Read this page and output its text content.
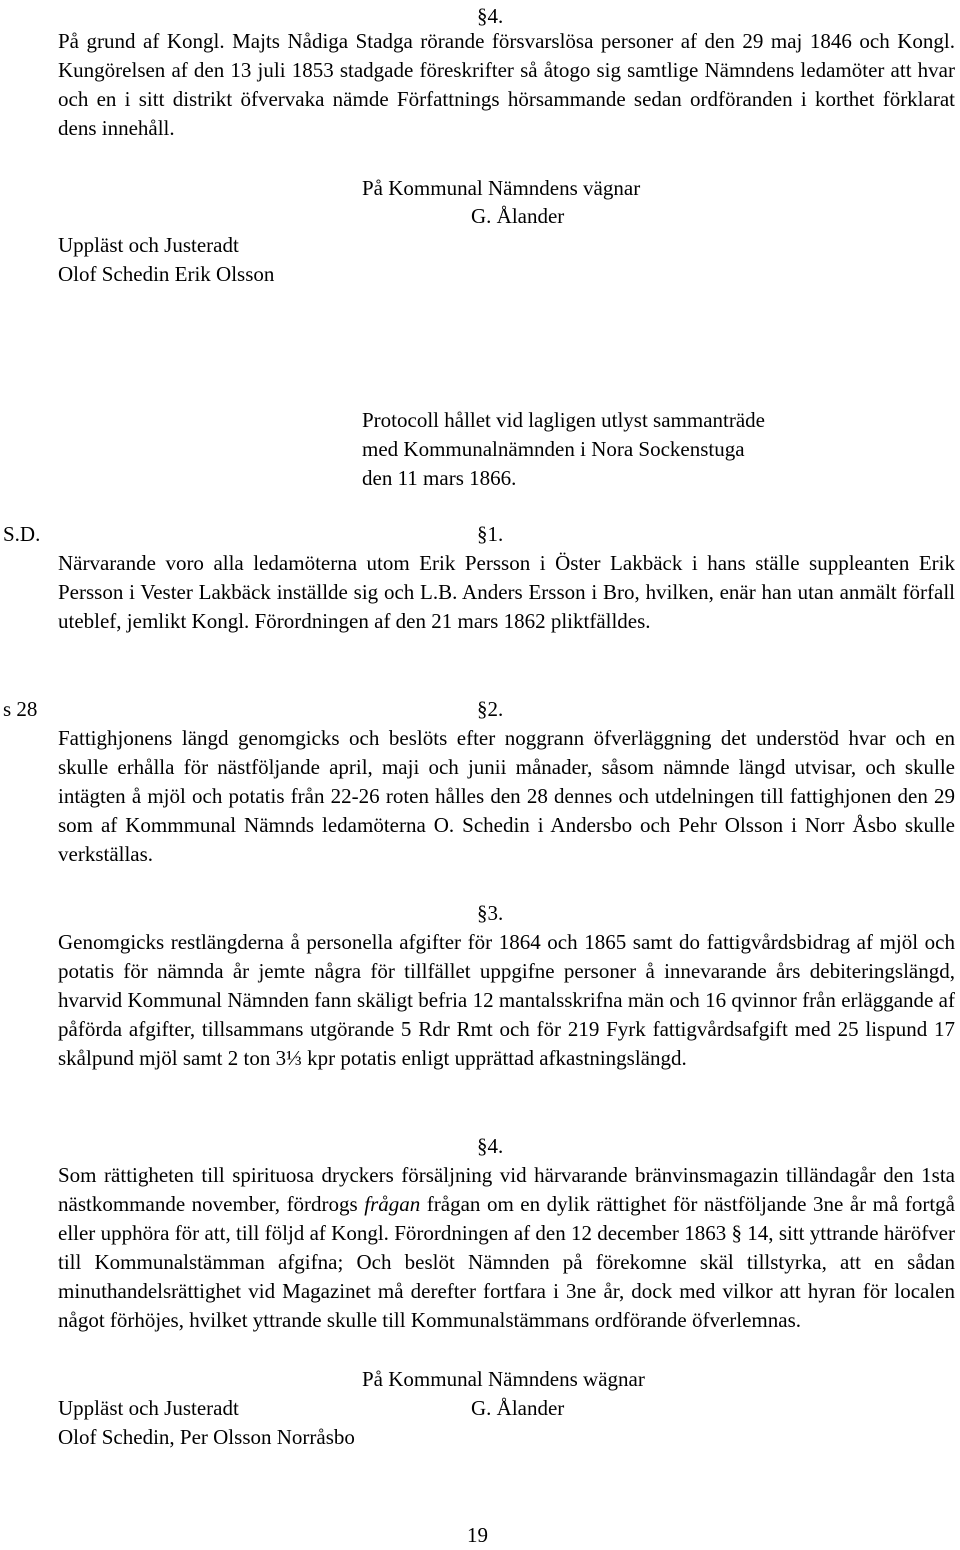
§4.

På grund af Kongl. Majts Nådiga Stadga rörande försvarslösa personer af den 29 maj 1846 och Kongl. Kungörelsen af den 13 juli 1853 stadgade föreskrifter så åtogo sig samtlige Nämndens ledamöter att hvar och en i sitt distrikt öfvervaka nämde Författnings hörsammande sedan ordföranden i korthet förklarat dens innehåll.

På Kommunal Nämndens vägnar
G. Ålander
Uppläst och Justeradt
Olof Schedin Erik Olsson
Protocoll hållet vid lagligen utlyst sammanträde
med Kommunalnämnden i Nora Sockenstuga
den 11 mars 1866.
S.D.	§1.

Närvarande voro alla ledamöterna utom Erik Persson i Öster Lakbäck i hans ställe suppleanten Erik Persson i Vester Lakbäck inställde sig och L.B. Anders Ersson i Bro, hvilken, enär han utan anmält förfall uteblef, jemlikt Kongl. Förordningen af den 21 mars 1862 pliktfälldes.

s 28	§2.

Fattighjonens längd genomgicks och beslöts efter noggrann öfverläggning det understöd hvar och en skulle erhålla för nästföljande april, maji och junii månader, såsom nämnde längd utvisar, och skulle intägten å mjöl och potatis från 22-26 roten hålles den 28 dennes och utdelningen till fattighjonen den 29 som af Kommmunal Nämnds ledamöterna O. Schedin i Andersbo och Pehr Olsson i Norr Åsbo skulle verkställas.

§3.

Genomgicks restlängderna å personella afgifter för 1864 och 1865 samt do fattigvårdsbidrag af mjöl och potatis för nämnda år jemte några för tillfället uppgifne personer å innevarande års debiteringslängd, hvarvid Kommunal Nämnden fann skäligt befria 12 mantalsskrifna män och 16 qvinnor från erläggande af påförda afgifter, tillsammans utgörande 5 Rdr Rmt och för 219 Fyrk fattigvårdsafgift med 25 lispund 17 skålpund mjöl samt 2 ton 3⅓ kpr potatis enligt upprättad afkastningslängd.

§4.

Som rättigheten till spirituosa dryckers försäljning vid härvarande bränvinsmagazin tilländagår den 1sta nästkommande november, fördrogs frågan frågan om en dylik rättighet för nästföljande 3ne år må fortgå eller upphöra för att, till följd af Kongl. Förordningen af den 12 december 1863 § 14, sitt yttrande häröfver till Kommunalstämman afgifna; Och beslöt Nämnden på förekomne skäl tillstyrka, att en sådan minuthandelsrättighet vid Magazinet må derefter fortfara i 3ne år, dock med vilkor att hyran för localen något förhöjes, hvilket yttrande skulle till Kommunalstämmans ordförande öfverlemnas.

På Kommunal Nämndens wägnar
Uppläst och Justeradt	G. Ålander
Olof Schedin, Per Olsson Norråsbo
19
